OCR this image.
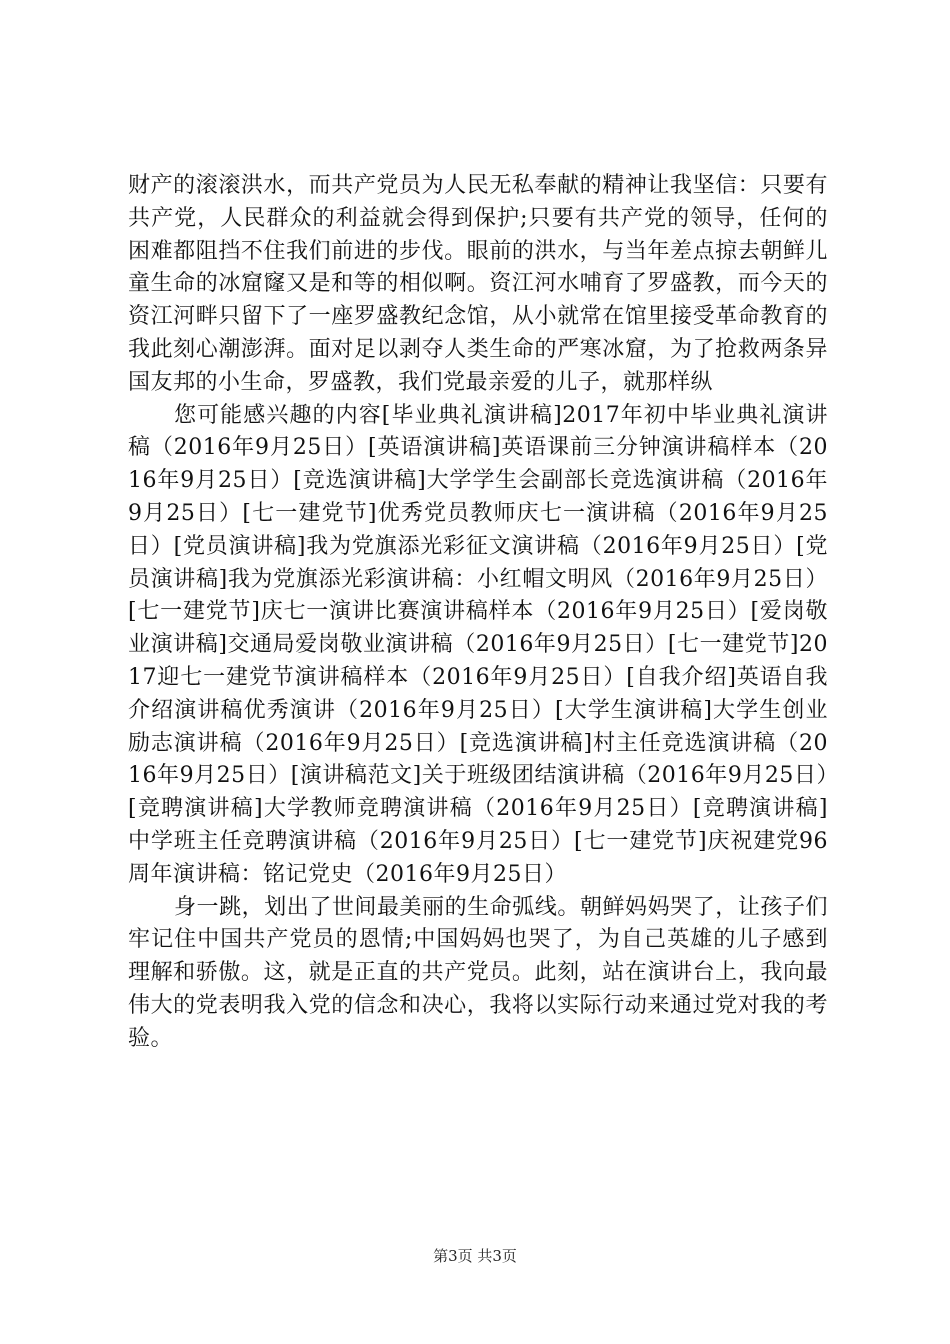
财产的滚滚洪水，而共产党员为人民无私奉献的精神让我坚信：只要有共产党，人民群众的利益就会得到保护;只要有共产党的领导，任何的困难都阻挡不住我们前进的步伐。眼前的洪水，与当年差点掠去朝鲜儿童生命的冰窟窿又是和等的相似啊。资江河水哺育了罗盛教，而今天的资江河畔只留下了一座罗盛教纪念馆，从小就常在馆里接受革命教育的我此刻心潮澎湃。面对足以剥夺人类生命的严寒冰窟，为了抢救两条异国友邦的小生命，罗盛教，我们党最亲爱的儿子，就那样纵

您可能感兴趣的内容[毕业典礼演讲稿]2017年初中毕业典礼演讲稿（2016年9月25日）[英语演讲稿]英语课前三分钟演讲稿样本（2016年9月25日）[竞选演讲稿]大学学生会副部长竞选演讲稿（2016年9月25日）[七一建党节]优秀党员教师庆七一演讲稿（2016年9月25日）[党员演讲稿]我为党旗添光彩征文演讲稿（2016年9月25日）[党员演讲稿]我为党旗添光彩演讲稿：小红帽文明风（2016年9月25日）[七一建党节]庆七一演讲比赛演讲稿样本（2016年9月25日）[爱岗敬业演讲稿]交通局爱岗敬业演讲稿（2016年9月25日）[七一建党节]2017迎七一建党节演讲稿样本（2016年9月25日）[自我介绍]英语自我介绍演讲稿优秀演讲（2016年9月25日）[大学生演讲稿]大学生创业励志演讲稿（2016年9月25日）[竞选演讲稿]村主任竞选演讲稿（2016年9月25日）[演讲稿范文]关于班级团结演讲稿（2016年9月25日）[竞聘演讲稿]大学教师竞聘演讲稿（2016年9月25日）[竞聘演讲稿]中学班主任竞聘演讲稿（2016年9月25日）[七一建党节]庆祝建党96周年演讲稿：铭记党史（2016年9月25日）

身一跳，划出了世间最美丽的生命弧线。朝鲜妈妈哭了，让孩子们牢记住中国共产党员的恩情;中国妈妈也哭了，为自己英雄的儿子感到理解和骄傲。这，就是正直的共产党员。此刻，站在演讲台上，我向最伟大的党表明我入党的信念和决心，我将以实际行动来通过党对我的考验。

第3页 共3页
